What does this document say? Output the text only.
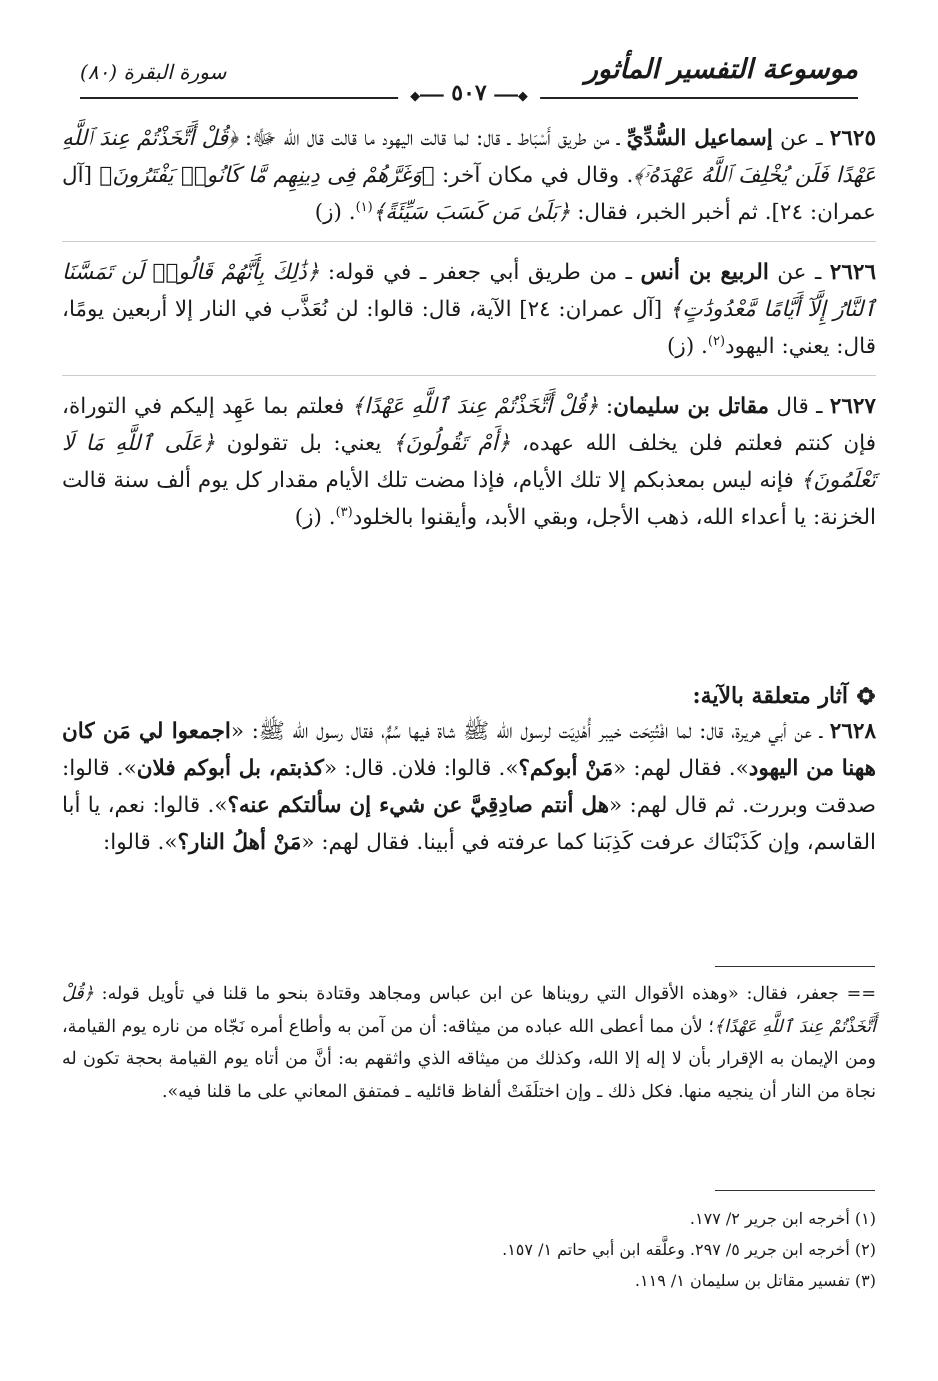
موسوعة التفسير المأثور
سورة البقرة (٨٠)
◆━━━ ٥٠٧ ━━━◆

٢٦٢٥ ـ عن إسماعيل السُّدِّيِّ ـ من طريق أَسْبَاط ـ قال: لما قالت اليهود ما قالت قال الله ﷻ: ﴿قُلْ أَتَّخَذْتُمْ عِندَ ٱللَّهِ عَهْدًا فَلَن يُخْلِفَ ٱللَّهُ عَهْدَهُۥٓ﴾. وقال في مكان آخر: ﴿وَغَرَّهُمْ فِى دِينِهِم مَّا كَانُوا۟ يَفْتَرُونَ﴾ [آل عمران: ٢٤]. ثم أخبر الخبر، فقال: ﴿بَلَىٰ مَن كَسَبَ سَيِّئَةً﴾$^{(١)}$. (ز)

٢٦٢٦ ـ عن الربيع بن أنس ـ من طريق أبي جعفر ـ في قوله: ﴿ذَٰلِكَ بِأَنَّهُمْ قَالُوا۟ لَن تَمَسَّنَا ٱلنَّارُ إِلَّآ أَيَّامًا مَّعْدُودَٰتٍ﴾ [آل عمران: ٢٤] الآية، قال: قالوا: لن نُعَذَّب في النار إلا أربعين يومًا، قال: يعني: اليهود$^{(٢)}$. (ز)

٢٦٢٧ ـ قال مقاتل بن سليمان: ﴿قُلْ أَتَّخَذْتُمْ عِندَ ٱللَّهِ عَهْدًا﴾ فعلتم بما عَهِد إليكم في التوراة، فإن كنتم فعلتم فلن يخلف الله عهده، ﴿أَمْ تَقُولُونَ﴾ يعني: بل تقولون ﴿عَلَى ٱللَّهِ مَا لَا تَعْلَمُونَ﴾ فإنه ليس بمعذبكم إلا تلك الأيام، فإذا مضت تلك الأيام مقدار كل يوم ألف سنة قالت الخزنة: يا أعداء الله، ذهب الأجل، وبقي الأبد، وأيقنوا بالخلود$^{(٣)}$. (ز)

آثار متعلقة بالآية:

٢٦٢٨ ـ عن أبي هريرة، قال: لما افْتُتِحَت خيبر أُهْدِيَت لرسول الله ﷺ شاة فيها سُمٌّ، فقال رسول الله ﷺ: «اجمعوا لي مَن كان ههنا من اليهود». فقال لهم: «مَنْ أبوكم؟». قالوا: فلان. قال: «كذبتم، بل أبوكم فلان». قالوا: صدقت وبررت. ثم قال لهم: «هل أنتم صادِقِيَّ عن شيء إن سألتكم عنه؟». قالوا: نعم، يا أبا القاسم، وإن كَذَبْنَاك عرفت كَذِبَنا كما عرفته في أبينا. فقال لهم: «مَنْ أهلُ النار؟». قالوا:

== جعفر، فقال: «وهذه الأقوال التي رويناها عن ابن عباس ومجاهد وقتادة بنحو ما قلنا في تأويل قوله: ﴿قُلْ أَتَّخَذْتُمْ عِندَ ٱللَّهِ عَهْدًا﴾؛ لأن مما أعطى الله عباده من ميثاقه: أن من آمن به وأطاع أمره نَجّاه من ناره يوم القيامة، ومن الإيمان به الإقرار بأن لا إله إلا الله، وكذلك من ميثاقه الذي واثقهم به: أنَّ من أتاه يوم القيامة بحجة تكون له نجاة من النار أن ينجيه منها. فكل ذلك ـ وإن اختلَفَتْ ألفاظ قائليه ـ فمتفق المعاني على ما قلنا فيه».

(١) أخرجه ابن جرير ٢/ ١٧٧.

(٢) أخرجه ابن جرير ٥/ ٢٩٧. وعلَّقه ابن أبي حاتم ١/ ١٥٧.

(٣) تفسير مقاتل بن سليمان ١/ ١١٩.
